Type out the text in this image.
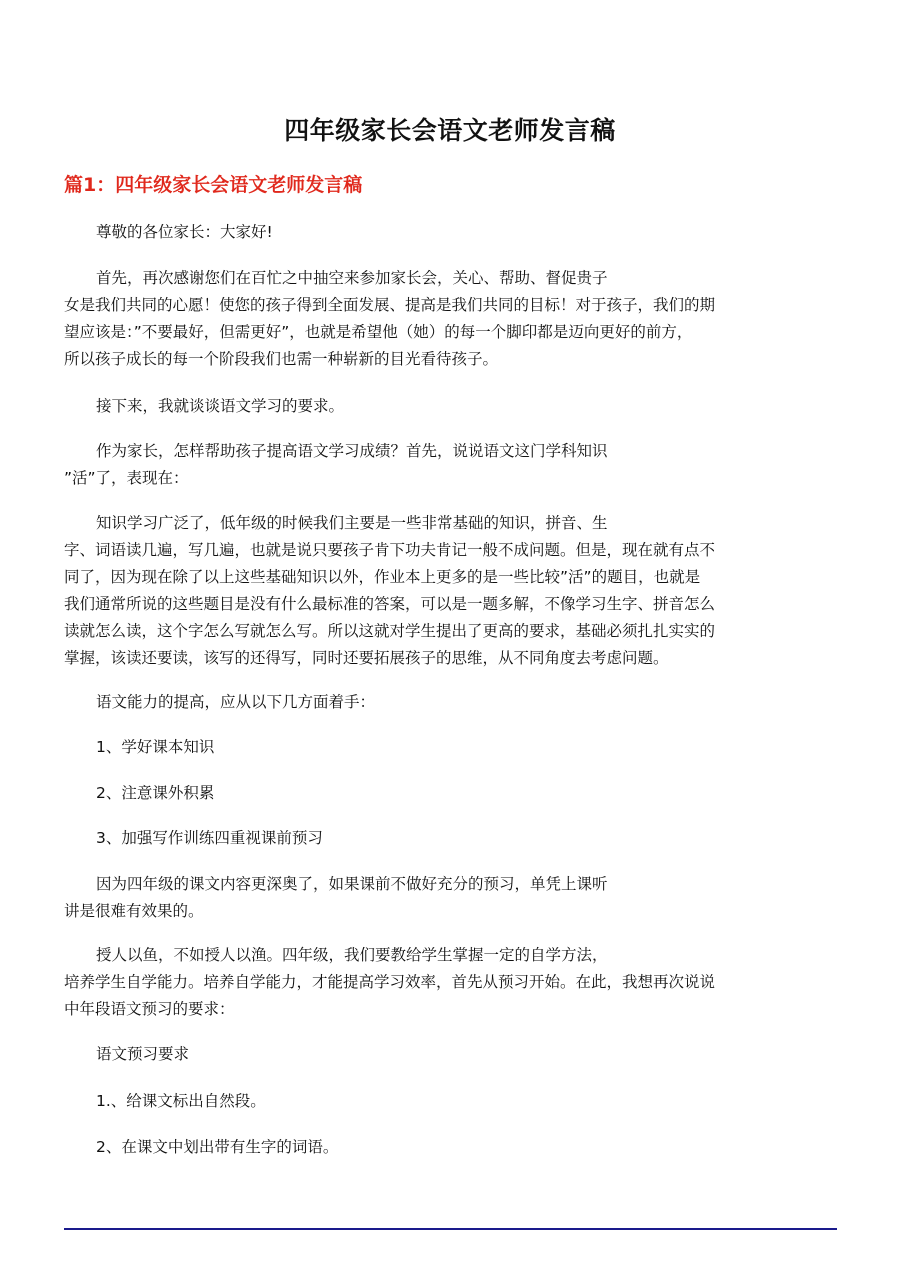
四年级家长会语文老师发言稿
篇1：四年级家长会语文老师发言稿

尊敬的各位家长：大家好!

首先，再次感谢您们在百忙之中抽空来参加家长会，关心、帮助、督促贵子
女是我们共同的心愿！使您的孩子得到全面发展、提高是我们共同的目标！对于孩子，我们的期
望应该是：”不要最好，但需更好”，也就是希望他（她）的每一个脚印都是迈向更好的前方，
所以孩子成长的每一个阶段我们也需一种崭新的目光看待孩子。

接下来，我就谈谈语文学习的要求。

作为家长，怎样帮助孩子提高语文学习成绩？首先，说说语文这门学科知识
”活”了，表现在：

知识学习广泛了，低年级的时候我们主要是一些非常基础的知识，拼音、生
字、词语读几遍，写几遍，也就是说只要孩子肯下功夫肯记一般不成问题。但是，现在就有点不
同了，因为现在除了以上这些基础知识以外，作业本上更多的是一些比较”活”的题目，也就是
我们通常所说的这些题目是没有什么最标准的答案，可以是一题多解，不像学习生字、拼音怎么
读就怎么读，这个字怎么写就怎么写。所以这就对学生提出了更高的要求，基础必须扎扎实实的
掌握，该读还要读，该写的还得写，同时还要拓展孩子的思维，从不同角度去考虑问题。

语文能力的提高，应从以下几方面着手：

1、学好课本知识

2、注意课外积累

3、加强写作训练四重视课前预习

因为四年级的课文内容更深奥了，如果课前不做好充分的预习，单凭上课听
讲是很难有效果的。

授人以鱼，不如授人以渔。四年级，我们要教给学生掌握一定的自学方法，
培养学生自学能力。培养自学能力，才能提高学习效率，首先从预习开始。在此，我想再次说说
中年段语文预习的要求：

语文预习要求

1.、给课文标出自然段。

2、在课文中划出带有生字的词语。
